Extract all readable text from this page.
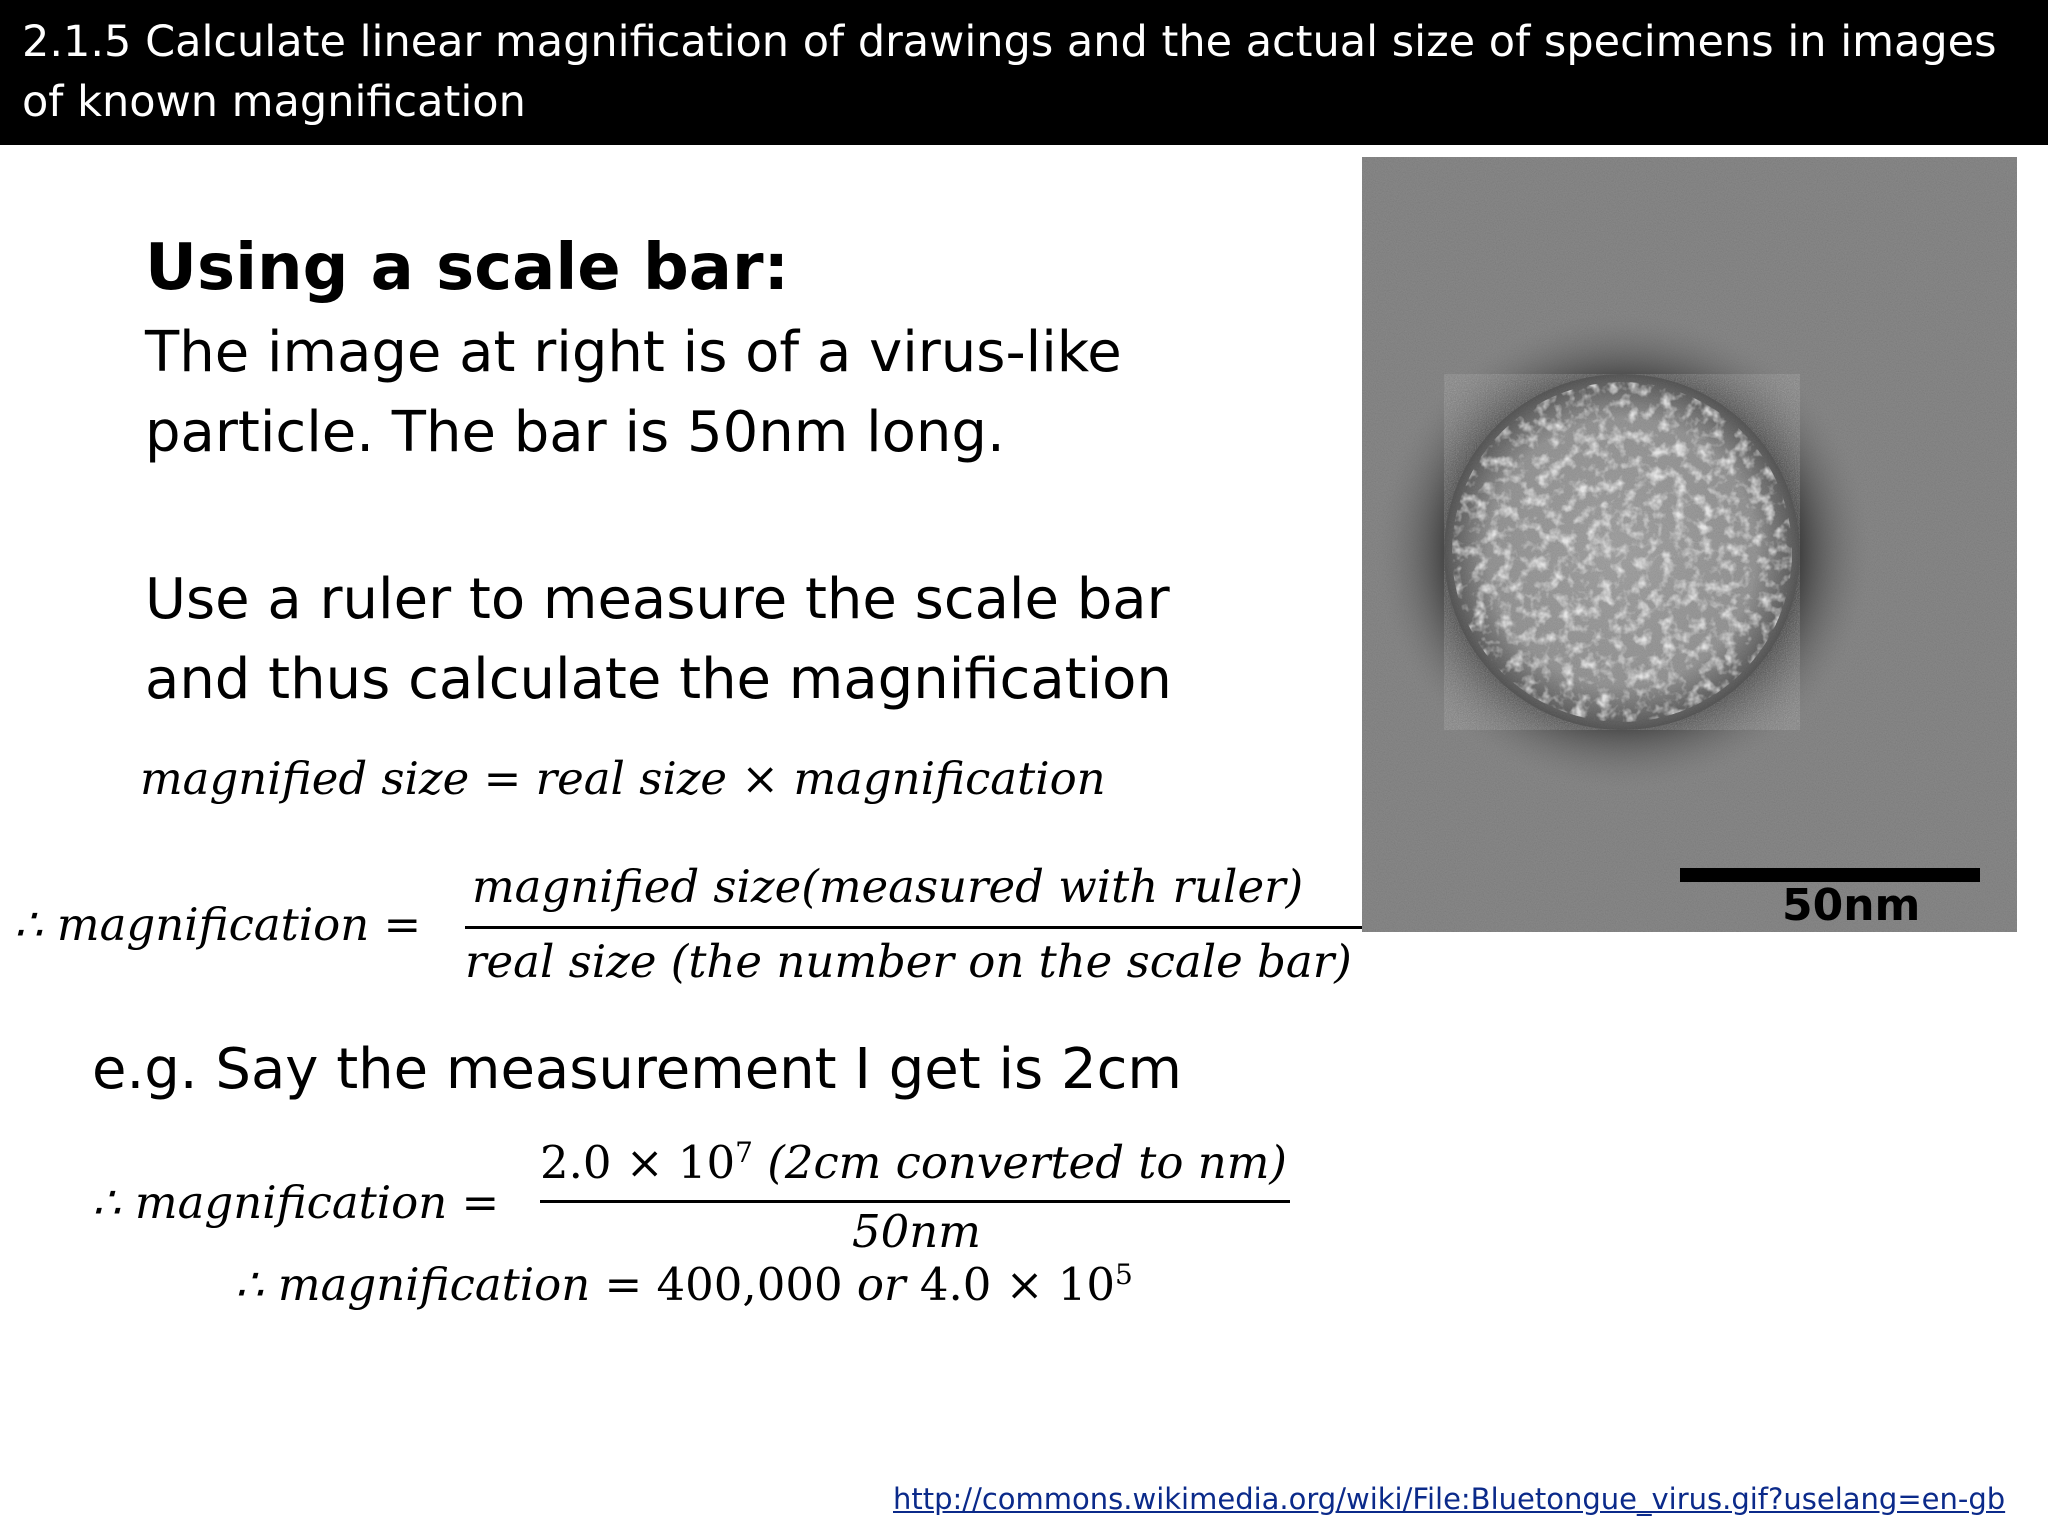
2.1.5 Calculate linear magnification of drawings and the actual size of specimens in images of known magnification
Using a scale bar:
The image at right is of a virus-like
particle. The bar is 50nm long.
Use a ruler to measure the scale bar
and thus calculate the magnification
magnified size = real size × magnification
∴ magnification =
magnified size(measured with ruler)
real size (the number on the scale bar)
e.g. Say the measurement I get is 2cm
∴ magnification =
$2.0 \times 10^7$ (2cm converted to nm)
50nm
∴ magnification = 400,000 or $4.0 \times 10^5$
50nm
http://commons.wikimedia.org/wiki/File:Bluetongue_virus.gif?uselang=en-gb
